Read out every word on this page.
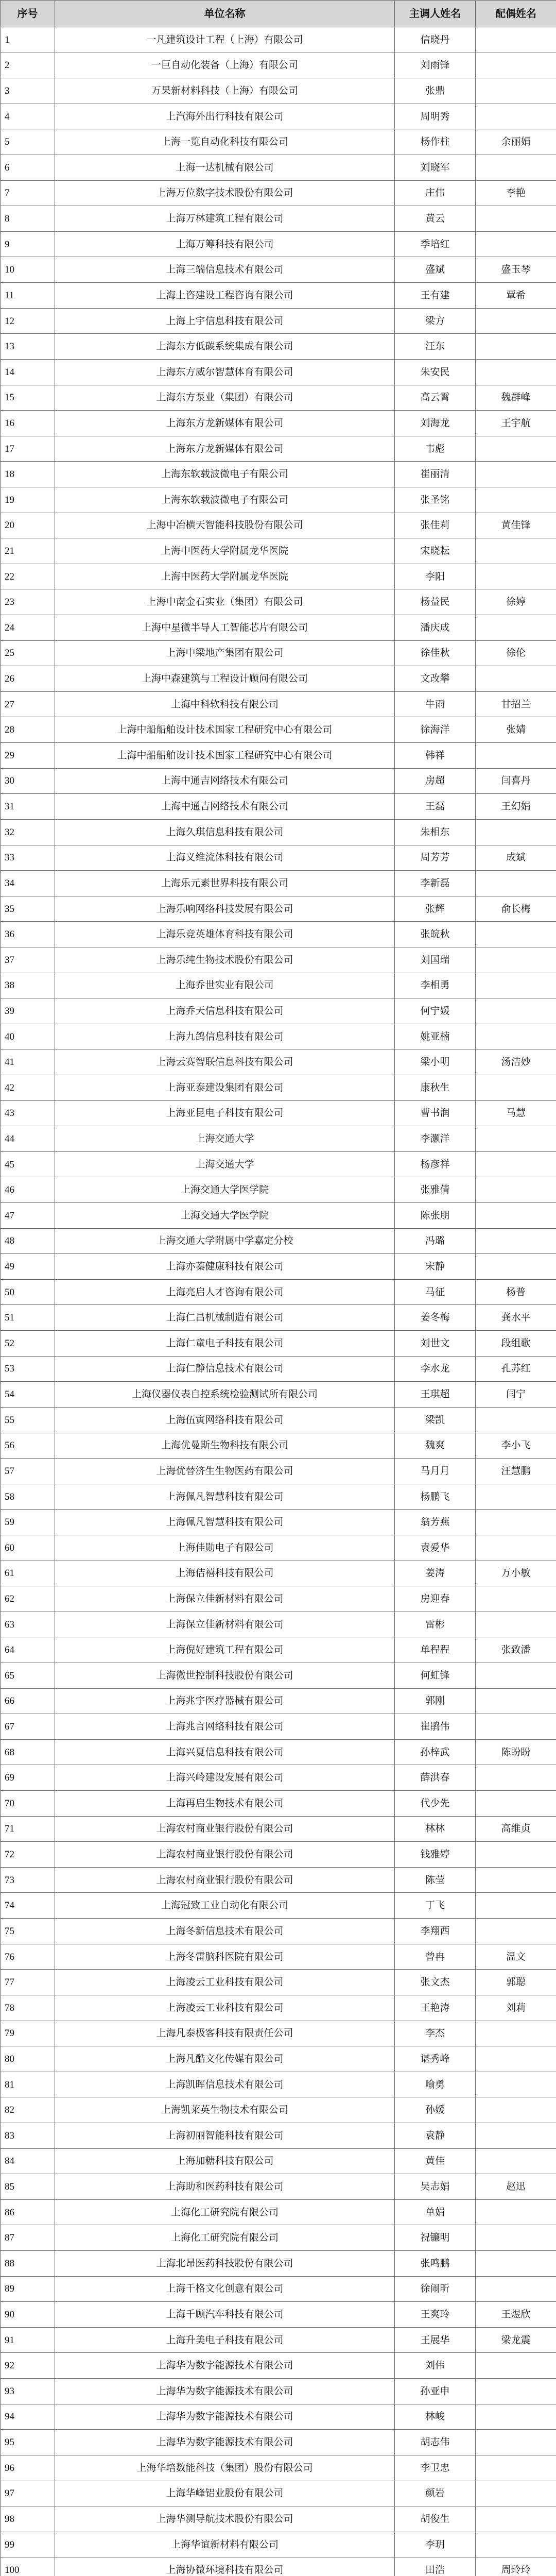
序号	单位名称	主调人姓名	配偶姓名
1	一凡建筑设计工程（上海）有限公司	信晓丹	
2	一巨自动化装备（上海）有限公司	刘雨锋	
3	万果新材料科技（上海）有限公司	张鼎	
4	上汽海外出行科技有限公司	周明秀	
5	上海一览自动化科技有限公司	杨作柱	余丽娟
6	上海一达机械有限公司	刘晓军	
7	上海万位数字技术股份有限公司	庄伟	李艳
8	上海万林建筑工程有限公司	黄云	
9	上海万筹科技有限公司	季培红	
10	上海三端信息技术有限公司	盛斌	盛玉琴
11	上海上咨建设工程咨询有限公司	王有建	覃希
12	上海上宇信息科技有限公司	梁方	
13	上海东方低碳系统集成有限公司	汪东	
14	上海东方威尔智慧体育有限公司	朱安民	
15	上海东方泵业（集团）有限公司	高云霄	魏群峰
16	上海东方龙新媒体有限公司	刘海龙	王宇航
17	上海东方龙新媒体有限公司	韦彪	
18	上海东软载波微电子有限公司	崔丽清	
19	上海东软载波微电子有限公司	张圣铭	
20	上海中冶横天智能科技股份有限公司	张佳莉	黄佳锋
21	上海中医药大学附属龙华医院	宋晓耘	
22	上海中医药大学附属龙华医院	李阳	
23	上海中南金石实业（集团）有限公司	杨益民	徐婷
24	上海中星微半导人工智能芯片有限公司	潘庆成	
25	上海中梁地产集团有限公司	徐佳秋	徐伦
26	上海中森建筑与工程设计顾问有限公司	文改攀	
27	上海中科软科技有限公司	牛雨	甘招兰
28	上海中船船舶设计技术国家工程研究中心有限公司	徐海洋	张婧
29	上海中船船舶设计技术国家工程研究中心有限公司	韩祥	
30	上海中通吉网络技术有限公司	房超	闫喜丹
31	上海中通吉网络技术有限公司	王磊	王幻娟
32	上海久琪信息科技有限公司	朱相东	
33	上海义维流体科技有限公司	周芳芳	成斌
34	上海乐元素世界科技有限公司	李新磊	
35	上海乐响网络科技发展有限公司	张辉	俞长梅
36	上海乐竞英雄体育科技有限公司	张皖秋	
37	上海乐纯生物技术股份有限公司	刘国瑞	
38	上海乔世实业有限公司	李相勇	
39	上海乔天信息科技有限公司	何宁媛	
40	上海九鸽信息科技有限公司	姚亚楠	
41	上海云赛智联信息科技有限公司	梁小明	汤洁妙
42	上海亚泰建设集团有限公司	康秋生	
43	上海亚昆电子科技有限公司	曹书润	马慧
44	上海交通大学	李灏洋	
45	上海交通大学	杨彦祥	
46	上海交通大学医学院	张雅倩	
47	上海交通大学医学院	陈张朋	
48	上海交通大学附属中学嘉定分校	冯璐	
49	上海亦蓁健康科技有限公司	宋静	
50	上海亮启人才咨询有限公司	马征	杨普
51	上海仁昌机械制造有限公司	姜冬梅	龚水平
52	上海仁童电子科技有限公司	刘世文	段组歌
53	上海仁静信息技术有限公司	李水龙	孔苏红
54	上海仪器仪表自控系统检验测试所有限公司	王琪超	闫宁
55	上海伍寅网络科技有限公司	梁凯	
56	上海优曼斯生物科技有限公司	魏爽	李小飞
57	上海优替济生生物医药有限公司	马月月	汪慧鹏
58	上海佩凡智慧科技有限公司	杨鹏飞	
59	上海佩凡智慧科技有限公司	翁芳燕	
60	上海佳勋电子有限公司	袁爱华	
61	上海佶禧科技有限公司	姜涛	万小敏
62	上海保立佳新材料有限公司	房迎春	
63	上海保立佳新材料有限公司	雷彬	
64	上海倪好建筑工程有限公司	单程程	张致潘
65	上海微世控制科技股份有限公司	何虹锋	
66	上海兆宇医疗器械有限公司	郭刚	
67	上海兆言网络科技有限公司	崔鹃伟	
68	上海兴夏信息科技有限公司	孙梓武	陈盼盼
69	上海兴岭建设发展有限公司	薛洪春	
70	上海再启生物技术有限公司	代少先	
71	上海农村商业银行股份有限公司	林林	高维贞
72	上海农村商业银行股份有限公司	钱雅婷	
73	上海农村商业银行股份有限公司	陈莹	
74	上海冠致工业自动化有限公司	丁飞	
75	上海冬新信息技术有限公司	李翔西	
76	上海冬雷脑科医院有限公司	曾冉	温文
77	上海凌云工业科技有限公司	张文杰	郭聪
78	上海凌云工业科技有限公司	王艳涛	刘莉
79	上海凡泰极客科技有限责任公司	李杰	
80	上海凡酷文化传媒有限公司	谌秀峰	
81	上海凯晖信息技术有限公司	喻勇	
82	上海凯莱英生物技术有限公司	孙媛	
83	上海初丽智能科技有限公司	袁静	
84	上海加糖科技有限公司	黄佳	
85	上海助和医药科技有限公司	吴志娟	赵迅
86	上海化工研究院有限公司	单娟	
87	上海化工研究院有限公司	祝镰明	
88	上海北昂医药科技股份有限公司	张鸣鹏	
89	上海千格文化创意有限公司	徐闹昕	
90	上海千顾汽车科技有限公司	王爽玲	王煜欣
91	上海升美电子科技有限公司	王展华	梁龙震
92	上海华为数字能源技术有限公司	刘伟	
93	上海华为数字能源技术有限公司	孙亚申	
94	上海华为数字能源技术有限公司	林峻	
95	上海华为数字能源技术有限公司	胡志伟	
96	上海华培数能科技（集团）股份有限公司	李卫忠	
97	上海华峰铝业股份有限公司	颜岩	
98	上海华测导航技术股份有限公司	胡俊生	
99	上海华谊新材料有限公司	李玥	
100	上海协微环境科技有限公司	田浩	周玲玲
